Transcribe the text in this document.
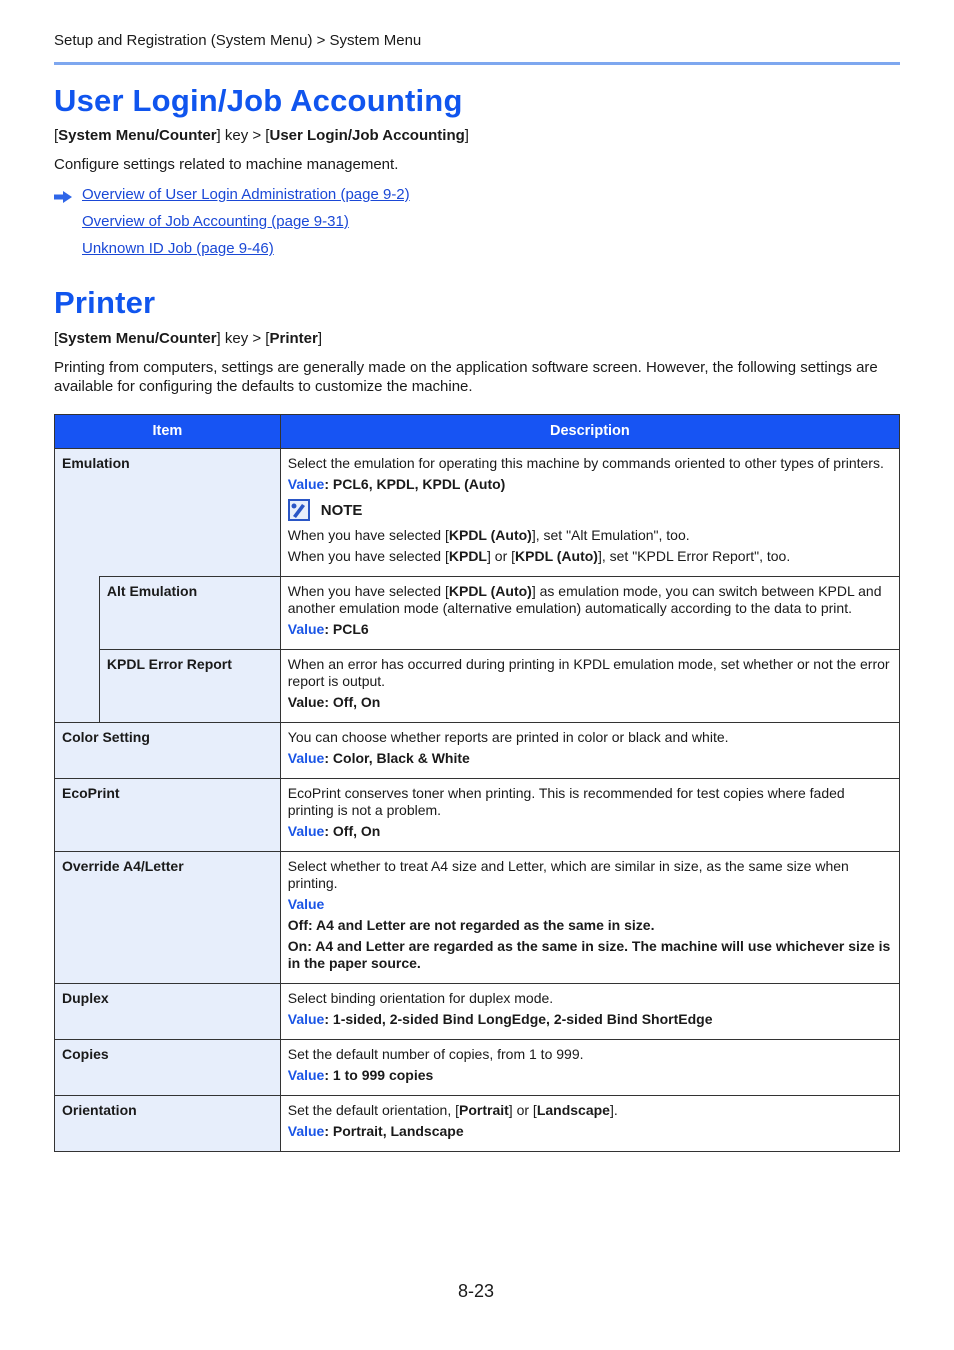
Setup and Registration (System Menu) > System Menu
User Login/Job Accounting

[System Menu/Counter] key > [User Login/Job Accounting]

Configure settings related to machine management.

Overview of User Login Administration (page 9-2)
Overview of Job Accounting (page 9-31)
Unknown ID Job (page 9-46)
Printer

[System Menu/Counter] key > [Printer]

Printing from computers, settings are generally made on the application software screen. However, the following settings are available for configuring the defaults to customize the machine.

Item		Description
Emulation		Select the emulation for operating this machine by commands oriented to other types of printers.

Value: PCL6, KPDL, KPDL (Auto)

NOTE

When you have selected [KPDL (Auto)], set "Alt Emulation", too.

When you have selected [KPDL] or [KPDL (Auto)], set "KPDL Error Report", too.

	Alt Emulation	When you have selected [KPDL (Auto)] as emulation mode, you can switch between KPDL and another emulation mode (alternative emulation) automatically according to the data to print.

Value: PCL6

	KPDL Error Report	When an error has occurred during printing in KPDL emulation mode, set whether or not the error report is output.

Value: Off, On

Color Setting		You can choose whether reports are printed in color or black and white.

Value: Color, Black & White

EcoPrint		EcoPrint conserves toner when printing. This is recommended for test copies where faded printing is not a problem.

Value: Off, On

Override A4/Letter		Select whether to treat A4 size and Letter, which are similar in size, as the same size when printing.

Value

Off: A4 and Letter are not regarded as the same in size.

On: A4 and Letter are regarded as the same in size. The machine will use whichever size is in the paper source.

Duplex		Select binding orientation for duplex mode.

Value: 1-sided, 2-sided Bind LongEdge, 2-sided Bind ShortEdge

Copies		Set the default number of copies, from 1 to 999.

Value: 1 to 999 copies

Orientation		Set the default orientation, [Portrait] or [Landscape].

Value: Portrait, Landscape

8-23
